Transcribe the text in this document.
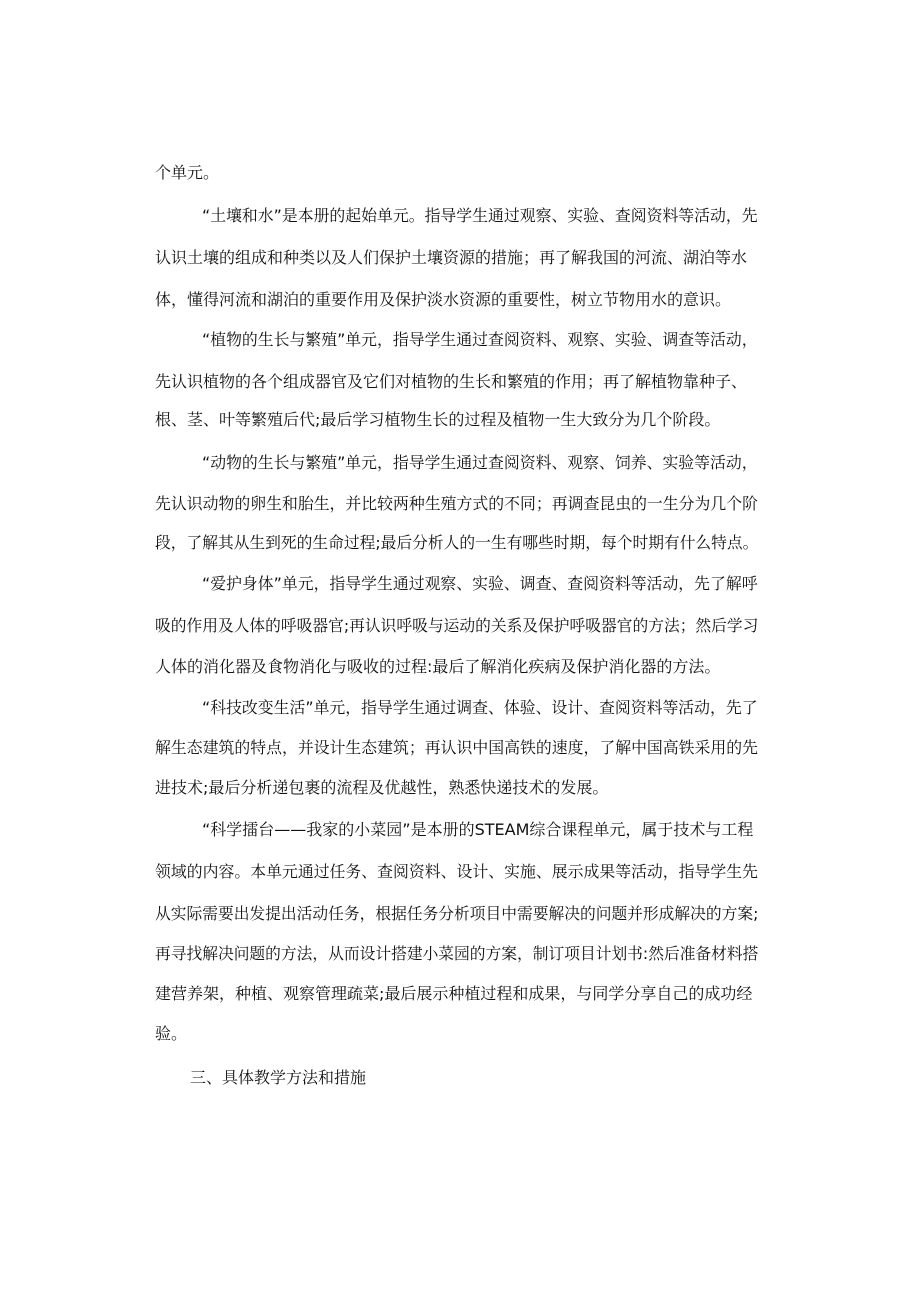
个单元。
“土壤和水”是本册的起始单元。指导学生通过观察、实验、查阅资料等活动，先
认识土壤的组成和种类以及人们保护土壤资源的措施；再了解我国的河流、湖泊等水
体，懂得河流和湖泊的重要作用及保护淡水资源的重要性，树立节物用水的意识。
“植物的生长与繁殖”单元，指导学生通过查阅资料、观察、实验、调查等活动，
先认识植物的各个组成器官及它们对植物的生长和繁殖的作用；再了解植物靠种子、
根、茎、叶等繁殖后代;最后学习植物生长的过程及植物一生大致分为几个阶段。
“动物的生长与繁殖”单元，指导学生通过查阅资料、观察、饲养、实验等活动，
先认识动物的卵生和胎生，并比较两种生殖方式的不同；再调查昆虫的一生分为几个阶
段，了解其从生到死的生命过程;最后分析人的一生有哪些时期，每个时期有什么特点。
“爱护身体”单元，指导学生通过观察、实验、调查、查阅资料等活动，先了解呼
吸的作用及人体的呼吸器官;再认识呼吸与运动的关系及保护呼吸器官的方法；然后学习
人体的消化器及食物消化与吸收的过程:最后了解消化疾病及保护消化器的方法。
“科技改变生活”单元，指导学生通过调查、体验、设计、查阅资料等活动，先了
解生态建筑的特点，并设计生态建筑；再认识中国高铁的速度，了解中国高铁采用的先
进技术;最后分析递包裹的流程及优越性，熟悉快递技术的发展。
“科学擂台——我家的小菜园”是本册的STEAM综合课程单元，属于技术与工程
领域的内容。本单元通过任务、查阅资料、设计、实施、展示成果等活动，指导学生先
从实际需要出发提出活动任务，根据任务分析项目中需要解决的问题并形成解决的方案;
再寻找解决问题的方法，从而设计搭建小菜园的方案，制订项目计划书:然后准备材料搭
建营养架，种植、观察管理疏菜;最后展示种植过程和成果，与同学分享自己的成功经
验。
三、具体教学方法和措施
